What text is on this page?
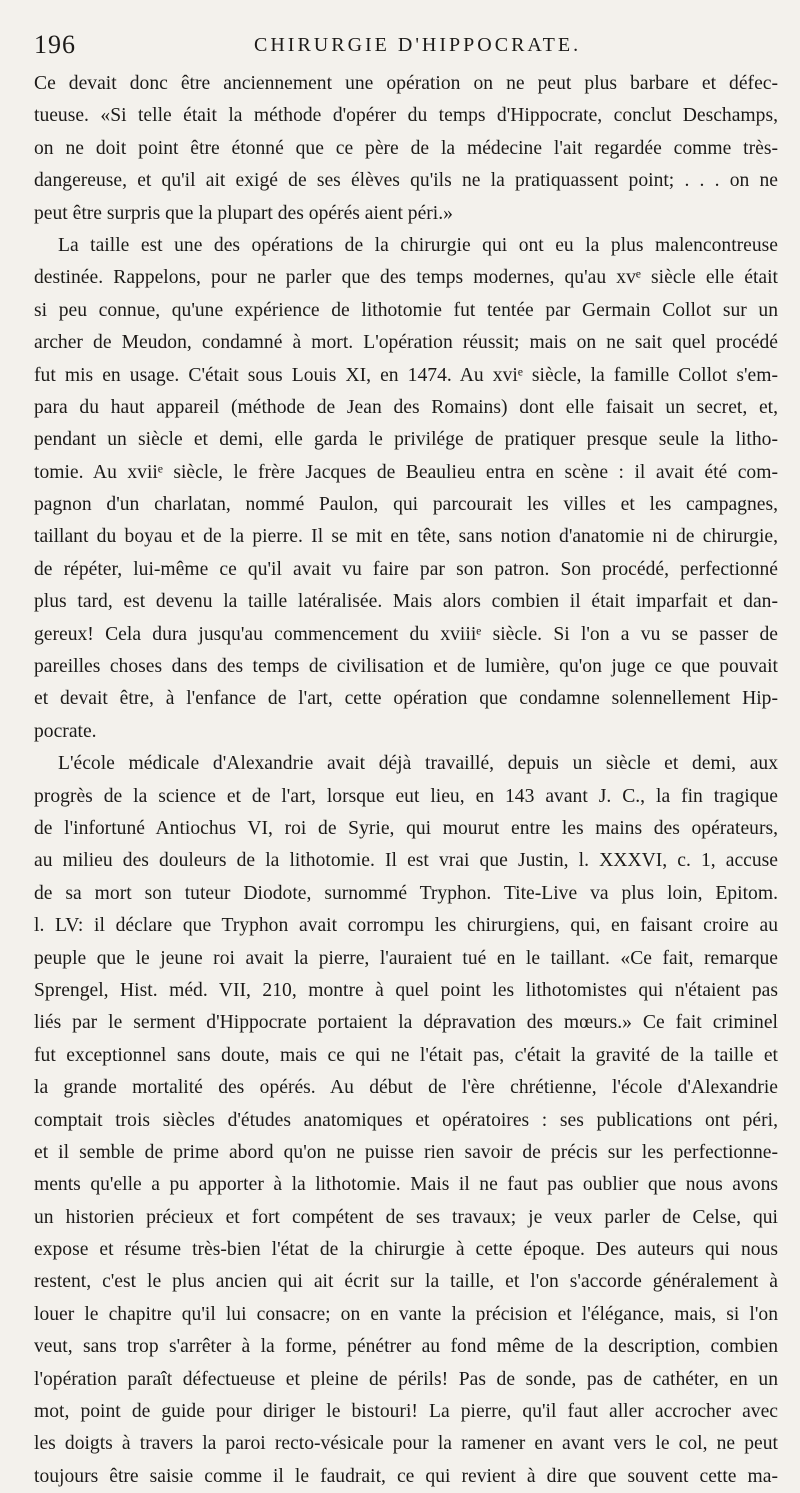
196	CHIRURGIE D'HIPPOCRATE.
Ce devait donc être anciennement une opération on ne peut plus barbare et défec-
tueuse. «Si telle était la méthode d'opérer du temps d'Hippocrate, conclut Deschamps,
on ne doit point être étonné que ce père de la médecine l'ait regardée comme très-
dangereuse, et qu'il ait exigé de ses élèves qu'ils ne la pratiquassent point; . . . on ne
peut être surpris que la plupart des opérés aient péri.»
La taille est une des opérations de la chirurgie qui ont eu la plus malencontreuse
destinée. Rappelons, pour ne parler que des temps modernes, qu'au xvᵉ siècle elle était
si peu connue, qu'une expérience de lithotomie fut tentée par Germain Collot sur un
archer de Meudon, condamné à mort. L'opération réussit; mais on ne sait quel procédé
fut mis en usage. C'était sous Louis XI, en 1474. Au xviᵉ siècle, la famille Collot s'em-
para du haut appareil (méthode de Jean des Romains) dont elle faisait un secret, et,
pendant un siècle et demi, elle garda le privilége de pratiquer presque seule la litho-
tomie. Au xviiᵉ siècle, le frère Jacques de Beaulieu entra en scène : il avait été com-
pagnon d'un charlatan, nommé Paulon, qui parcourait les villes et les campagnes,
taillant du boyau et de la pierre. Il se mit en tête, sans notion d'anatomie ni de chirurgie,
de répéter, lui-même ce qu'il avait vu faire par son patron. Son procédé, perfectionné
plus tard, est devenu la taille latéralisée. Mais alors combien il était imparfait et dan-
gereux! Cela dura jusqu'au commencement du xviiiᵉ siècle. Si l'on a vu se passer de
pareilles choses dans des temps de civilisation et de lumière, qu'on juge ce que pouvait
et devait être, à l'enfance de l'art, cette opération que condamne solennellement Hip-
pocrate.
L'école médicale d'Alexandrie avait déjà travaillé, depuis un siècle et demi, aux
progrès de la science et de l'art, lorsque eut lieu, en 143 avant J. C., la fin tragique
de l'infortuné Antiochus VI, roi de Syrie, qui mourut entre les mains des opérateurs,
au milieu des douleurs de la lithotomie. Il est vrai que Justin, l. XXXVI, c. 1, accuse
de sa mort son tuteur Diodote, surnommé Tryphon. Tite-Live va plus loin, Epitom.
l. LV: il déclare que Tryphon avait corrompu les chirurgiens, qui, en faisant croire au
peuple que le jeune roi avait la pierre, l'auraient tué en le taillant. «Ce fait, remarque
Sprengel, Hist. méd. VII, 210, montre à quel point les lithotomistes qui n'étaient pas
liés par le serment d'Hippocrate portaient la dépravation des mœurs.» Ce fait criminel
fut exceptionnel sans doute, mais ce qui ne l'était pas, c'était la gravité de la taille et
la grande mortalité des opérés. Au début de l'ère chrétienne, l'école d'Alexandrie
comptait trois siècles d'études anatomiques et opératoires : ses publications ont péri,
et il semble de prime abord qu'on ne puisse rien savoir de précis sur les perfectionne-
ments qu'elle a pu apporter à la lithotomie. Mais il ne faut pas oublier que nous avons
un historien précieux et fort compétent de ses travaux; je veux parler de Celse, qui
expose et résume très-bien l'état de la chirurgie à cette époque. Des auteurs qui nous
restent, c'est le plus ancien qui ait écrit sur la taille, et l'on s'accorde généralement à
louer le chapitre qu'il lui consacre; on en vante la précision et l'élégance, mais, si l'on
veut, sans trop s'arrêter à la forme, pénétrer au fond même de la description, combien
l'opération paraît défectueuse et pleine de périls! Pas de sonde, pas de cathéter, en un
mot, point de guide pour diriger le bistouri! La pierre, qu'il faut aller accrocher avec
les doigts à travers la paroi recto-vésicale pour la ramener en avant vers le col, ne peut
toujours être saisie comme il le faudrait, ce qui revient à dire que souvent cette ma-
